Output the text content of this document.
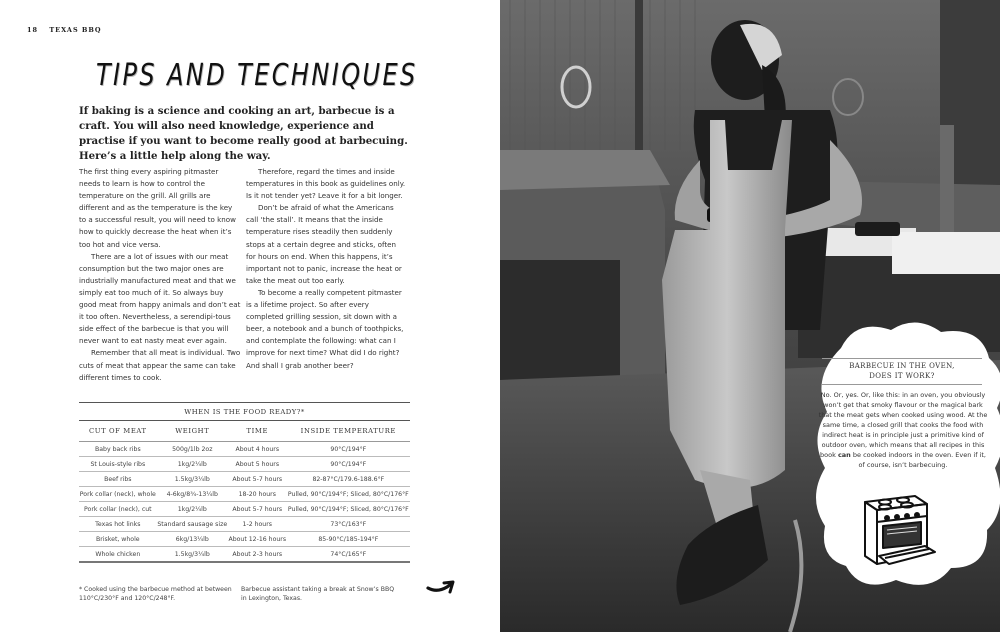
18 TEXAS BBQ
TIPS AND TECHNIQUES
If baking is a science and cooking an art, barbecue is a craft. You will also need knowledge, experience and practise if you want to become really good at barbecuing. Here’s a little help along the way.

The first thing every aspiring pitmaster needs to learn is how to control the temperature on the grill. All grills are different and as the temperature is the key to a successful result, you will need to know how to quickly decrease the heat when it’s too hot and vice versa.

There are a lot of issues with our meat consumption but the two major ones are industrially manufactured meat and that we simply eat too much of it. So always buy good meat from happy animals and don’t eat it too often. Nevertheless, a serendipi-tous side effect of the barbecue is that you will never want to eat nasty meat ever again.

Remember that all meat is individual. Two cuts of meat that appear the same can take different times to cook.

Therefore, regard the times and inside temperatures in this book as guidelines only. Is it not tender yet? Leave it for a bit longer.

Don’t be afraid of what the Americans call ‘the stall’. It means that the inside temperature rises steadily then suddenly stops at a certain degree and sticks, often for hours on end. When this happens, it’s important not to panic, increase the heat or take the meat out too early.

To become a really competent pitmaster is a lifetime project. So after every completed grilling session, sit down with a beer, a notebook and a bunch of toothpicks, and contemplate the following: what can I improve for next time? What did I do right? And shall I grab another beer?

WHEN IS THE FOOD READY?*
CUT OF MEAT	WEIGHT	TIME	INSIDE TEMPERATURE
Baby back ribs	500g/1lb 2oz	About 4 hours	90°C/194°F
St Louis-style ribs	1kg/2¼lb	About 5 hours	90°C/194°F
Beef ribs	1.5kg/3¼lb	About 5-7 hours	82-87°C/179.6-188.6°F
Pork collar (neck), whole	4-6kg/8¾-13¼lb	18-20 hours	Pulled, 90°C/194°F; Sliced, 80°C/176°F
Pork collar (neck), cut	1kg/2¼lb	About 5-7 hours	Pulled, 90°C/194°F; Sliced, 80°C/176°F
Texas hot links	Standard sausage size	1-2 hours	73°C/163°F
Brisket, whole	6kg/13¼lb	About 12-16 hours	85-90°C/185-194°F
Whole chicken	1.5kg/3¼lb	About 2-3 hours	74°C/165°F
* Cooked using the barbecue method at between 110°C/230°F and 120°C/248°F.
Barbecue assistant taking a break at Snow’s BBQ in Lexington, Texas.
BARBECUE IN THE OVEN,
DOES IT WORK?
No. Or, yes. Or, like this: in an oven, you obviously won’t get that smoky flavour or the magical bark that the meat gets when cooked using wood. At the same time, a closed grill that cooks the food with indirect heat is in principle just a primitive kind of outdoor oven, which means that all recipes in this book can be cooked indoors in the oven. Even if it, of course, isn’t barbecuing.
